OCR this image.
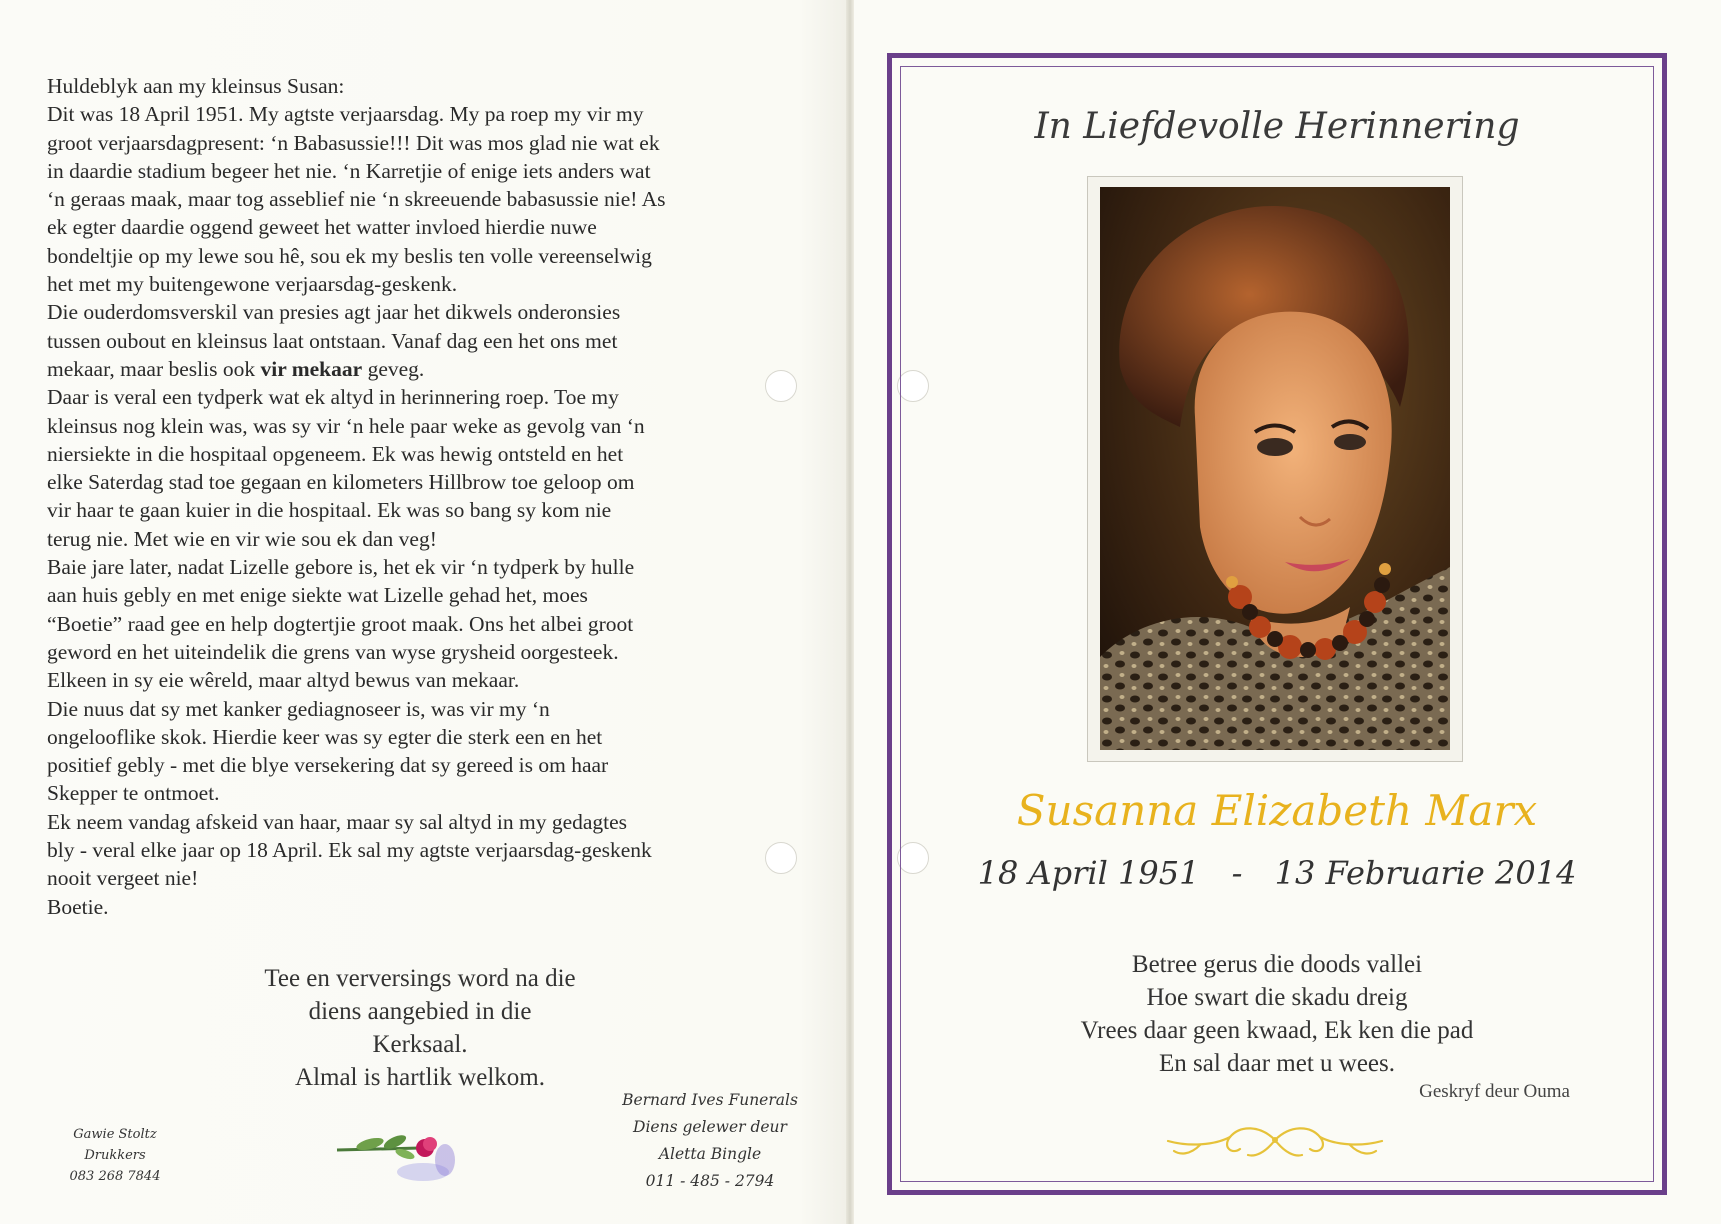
Huldeblyk aan my kleinsus Susan:

Dit was 18 April 1951. My agtste verjaarsdag. My pa roep my vir my

groot verjaarsdagpresent: ‘n Babasussie!!! Dit was mos glad nie wat ek

in daardie stadium begeer het nie. ‘n Karretjie of enige iets anders wat

‘n geraas maak, maar tog asseblief nie ‘n skreeuende babasussie nie! As

ek egter daardie oggend geweet het watter invloed hierdie nuwe

bondeltjie op my lewe sou hê, sou ek my beslis ten volle vereenselwig

het met my buitengewone verjaarsdag-geskenk.

Die ouderdomsverskil van presies agt jaar het dikwels onderonsies

tussen oubout en kleinsus laat ontstaan. Vanaf dag een het ons met

mekaar, maar beslis ook vir mekaar geveg.

Daar is veral een tydperk wat ek altyd in herinnering roep. Toe my

kleinsus nog klein was, was sy vir ‘n hele paar weke as gevolg van ‘n

niersiekte in die hospitaal opgeneem. Ek was hewig ontsteld en het

elke Saterdag stad toe gegaan en kilometers Hillbrow toe geloop om

vir haar te gaan kuier in die hospitaal. Ek was so bang sy kom nie

terug nie. Met wie en vir wie sou ek dan veg!

Baie jare later, nadat Lizelle gebore is, het ek vir ‘n tydperk by hulle

aan huis gebly en met enige siekte wat Lizelle gehad het, moes

“Boetie” raad gee en help dogtertjie groot maak. Ons het albei groot

geword en het uiteindelik die grens van wyse grysheid oorgesteek.

Elkeen in sy eie wêreld, maar altyd bewus van mekaar.

Die nuus dat sy met kanker gediagnoseer is, was vir my ‘n

ongelooflike skok. Hierdie keer was sy egter die sterk een en het

positief gebly - met die blye versekering dat sy gereed is om haar

Skepper te ontmoet.

Ek neem vandag afskeid van haar, maar sy sal altyd in my gedagtes

bly - veral elke jaar op 18 April. Ek sal my agtste verjaarsdag-geskenk

nooit vergeet nie!

Boetie.

Tee en verversings word na die

diens aangebied in die

Kerksaal.

Almal is hartlik welkom.

Gawie Stoltz

Drukkers

083 268 7844

Bernard Ives Funerals

Diens gelewer deur

Aletta Bingle

011 - 485 - 2794

In Liefdevolle Herinnering
Susanna Elizabeth Marx
18 April 1951 - 13 Februarie 2014

Betree gerus die doods vallei

Hoe swart die skadu dreig

Vrees daar geen kwaad, Ek ken die pad

En sal daar met u wees.

Geskryf deur Ouma
